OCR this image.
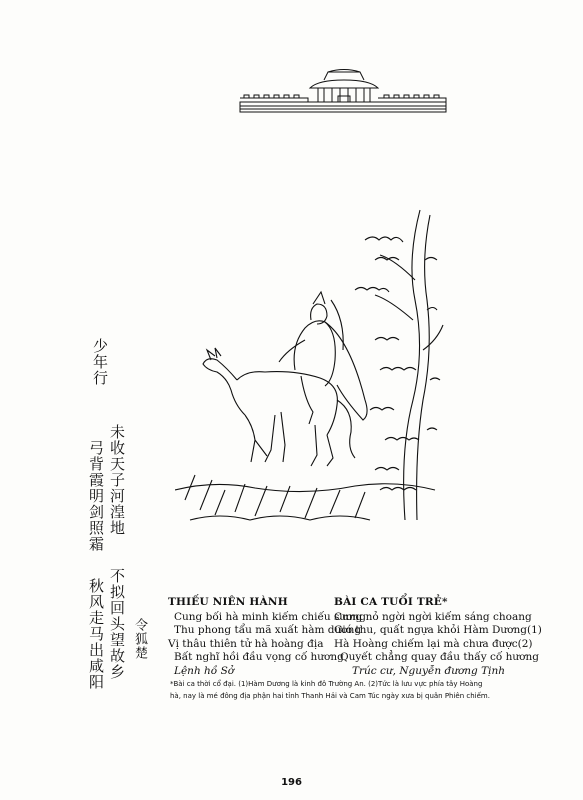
少年行
未收天子河湟地
弓背霞明剑照霜
不拟回头望故乡
秋风走马出咸阳 令狐楚
THIẾU NIÊN HÀNH
Cung bối hà minh kiếm chiếu sương
Thu phong tẩu mã xuất hàm dương
Vị thâu thiên tử hà hoàng địa
Bất nghĩ hồi đầu vọng cố hương
Lệnh hồ Sở
BÀI CA TUỔI TRẺ*
Cung nỏ ngời ngời kiếm sáng choang
Gió thu, quất ngựa khỏi Hàm Dương(1)
Hà Hoàng chiếm lại mà chưa được(2)
Quyết chẳng quay đầu thấy cố hương
Trúc cư, Nguyễn đương Tịnh
*Bài ca thời cổ đại. (1)Hàm Dương là kinh đô Trường An. (2)Tức là lưu vực phía tây Hoàng
hà, nay là mé đông địa phận hai tỉnh Thanh Hải và Cam Túc ngày xưa bị quân Phiên chiếm.
196
